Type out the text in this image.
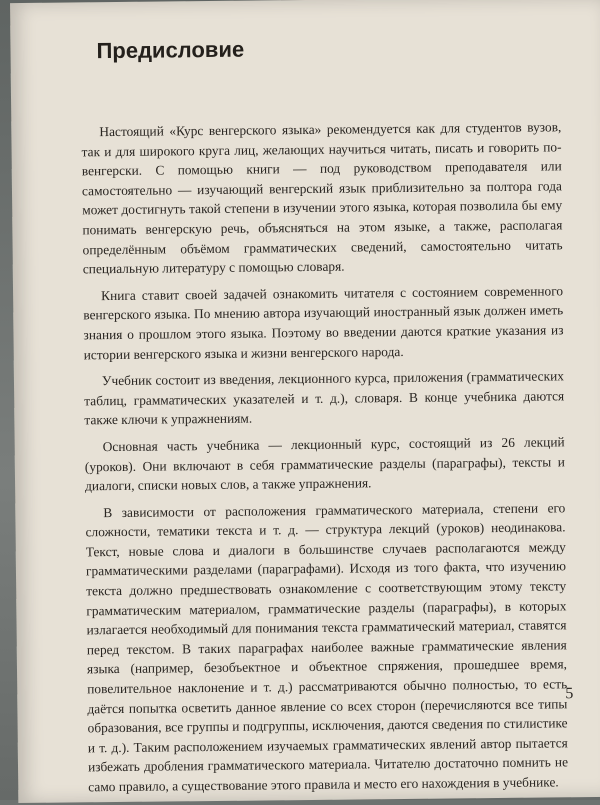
Предисловие

Настоящий «Курс венгерского языка» рекомендуется как для студентов вузов, так и для широкого круга лиц, желающих научиться читать, писать и говорить по-венгерски. С помощью книги — под руководством преподавателя или самостоятельно — изучающий венгерский язык приблизительно за полтора года может достигнуть такой степени в изучении этого языка, которая позволила бы ему понимать венгерскую речь, объясняться на этом языке, а также, располагая определённым объёмом грамматических сведений, самостоятельно читать специальную литературу с помощью словаря.

Книга ставит своей задачей ознакомить читателя с состоянием современного венгерского языка. По мнению автора изучающий иностранный язык должен иметь знания о прошлом этого языка. Поэтому во введении даются краткие указания из истории венгерского языка и жизни венгерского народа.

Учебник состоит из введения, лекционного курса, приложения (грамматических таблиц, грамматических указателей и т. д.), словаря. В конце учебника даются также ключи к упражнениям.

Основная часть учебника — лекционный курс, состоящий из 26 лекций (уроков). Они включают в себя грамматические разделы (параграфы), тексты и диалоги, списки новых слов, а также упражнения.

В зависимости от расположения грамматического материала, степени его сложности, тематики текста и т. д. — структура лекций (уроков) неодинакова. Текст, новые слова и диалоги в большинстве случаев располагаются между грамматическими разделами (параграфами). Исходя из того факта, что изучению текста должно предшествовать ознакомление с соответствующим этому тексту грамматическим материалом, грамматические разделы (параграфы), в которых излагается необходимый для понимания текста грамматический материал, ставятся перед текстом. В таких параграфах наиболее важные грамматические явления языка (например, безобъектное и объектное спряжения, прошедшее время, повелительное наклонение и т. д.) рассматриваются обычно полностью, то есть даётся попытка осветить данное явление со всех сторон (перечисляются все типы образования, все группы и подгруппы, исключения, даются сведения по стилистике и т. д.). Таким расположением изучаемых грамматических явлений автор пытается избежать дробления грамматического материала. Читателю достаточно помнить не само правило, а существование этого правила и место его нахождения в учебнике.

5
